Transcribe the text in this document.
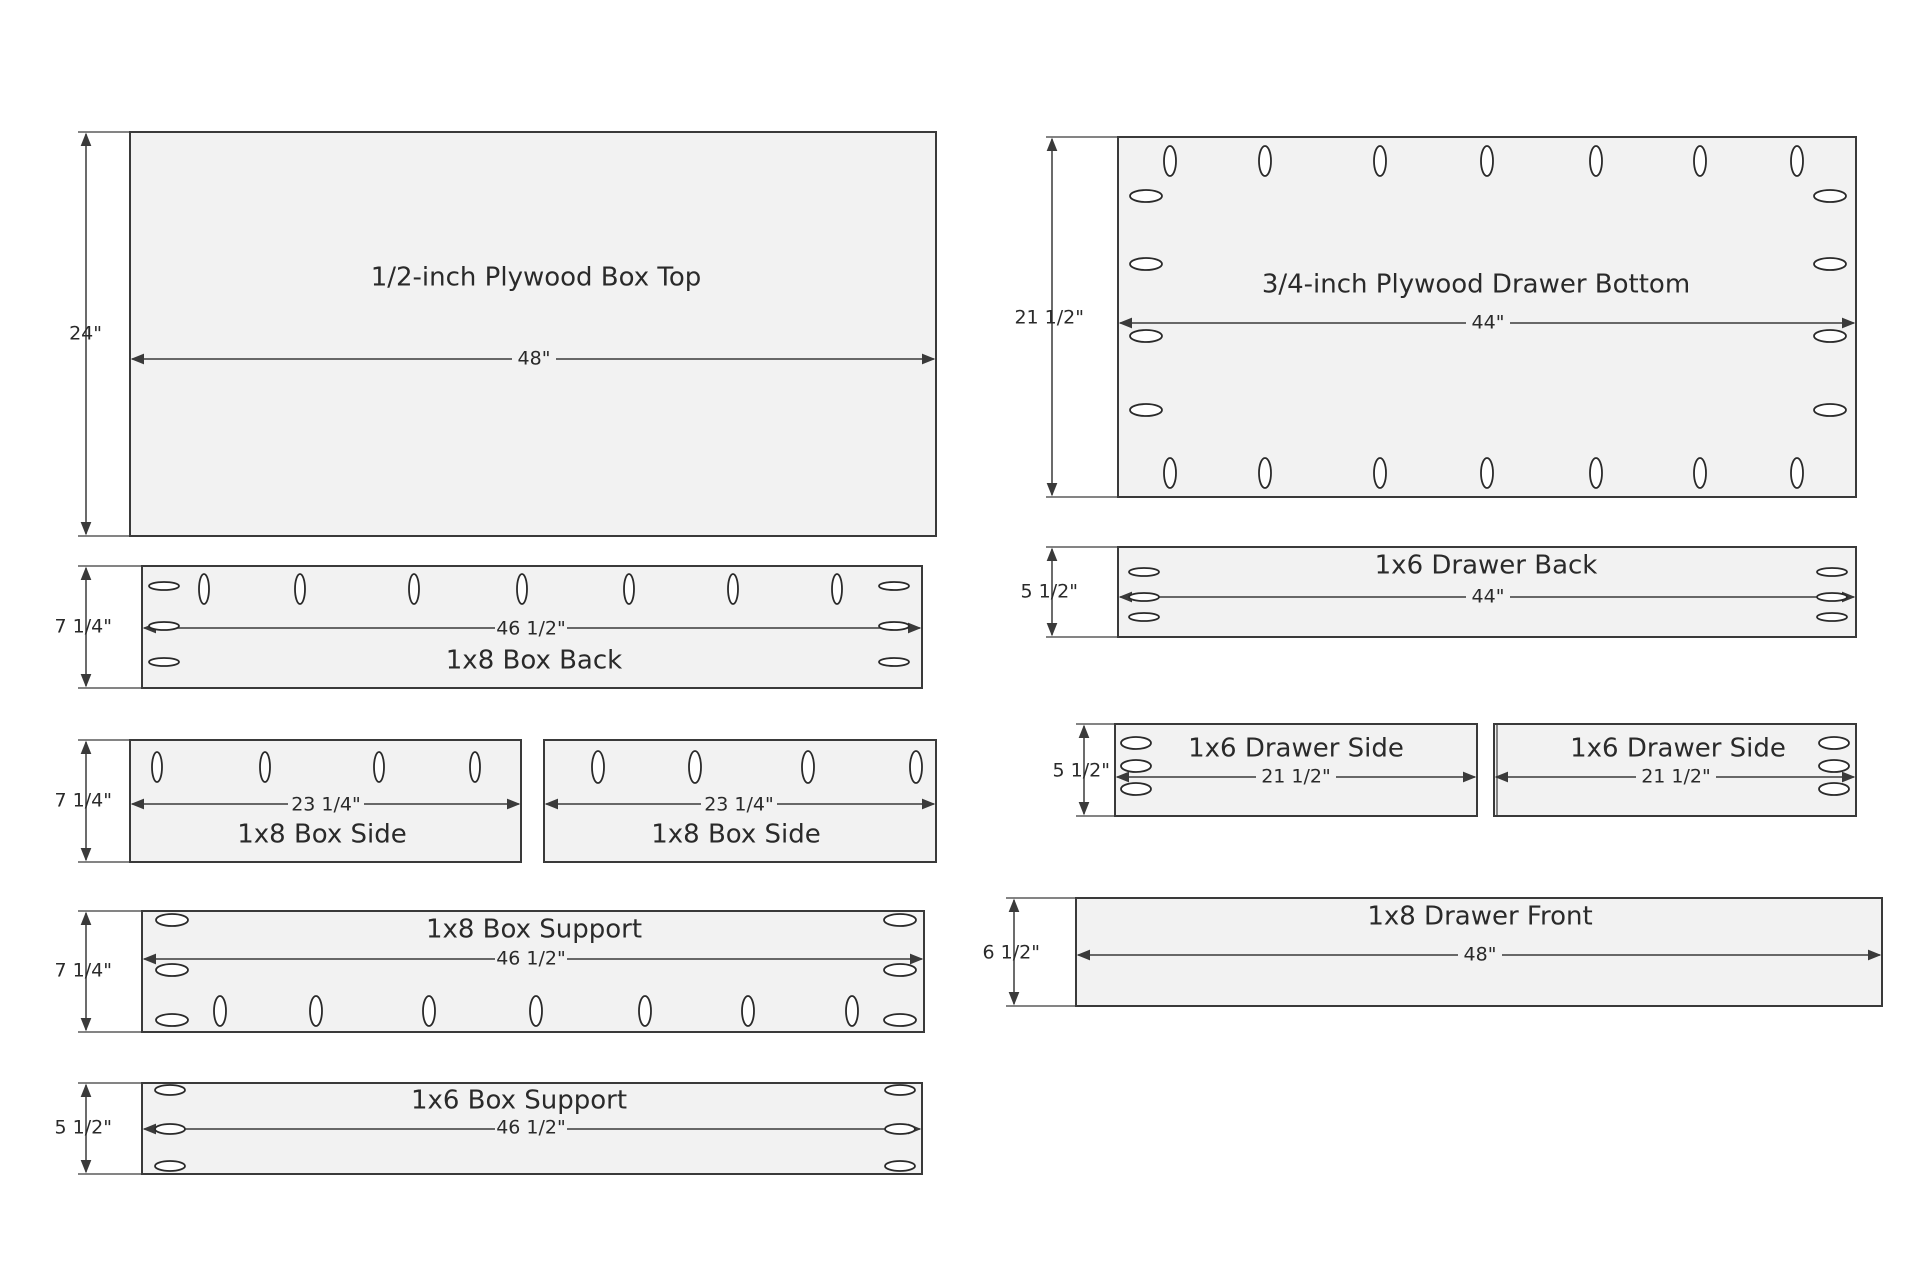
24"
48"
1/2-inch Plywood Box Top
21 1/2"	44"
3/4-inch Plywood Drawer Bottom
7 1/4"	46 1/2"
1x8 Box Back
5 1/2"	44"
1x6 Drawer Back
7 1/4"	23 1/4"
1x8 Box Side
23 1/4"
1x8 Box Side
5 1/2"	21 1/2"
1x6 Drawer Side
21 1/2"
1x6 Drawer Side
7 1/4"
46 1/2"
1x8 Box Support
6 1/2"	48"
1x8 Drawer Front
5 1/2"	46 1/2"
1x6 Box Support
